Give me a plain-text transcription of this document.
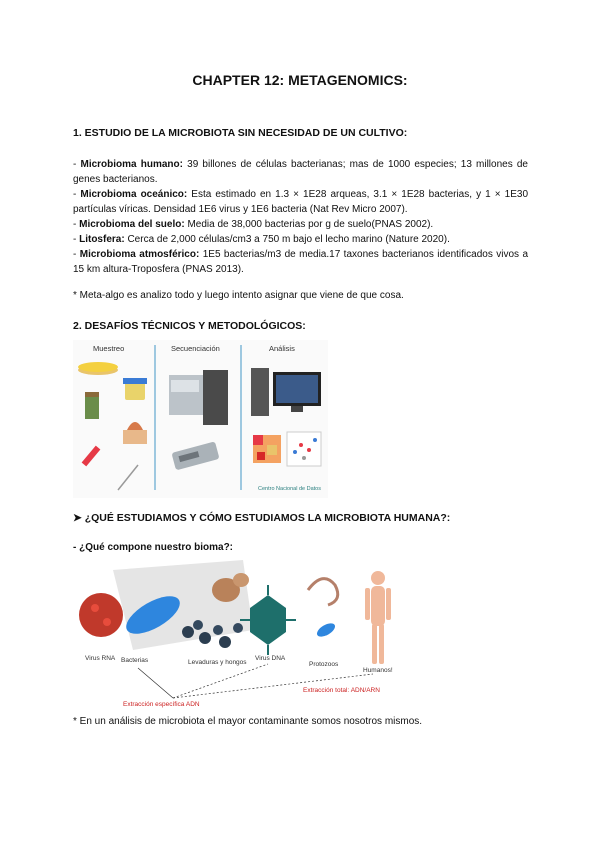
CHAPTER 12: METAGENOMICS:
1. ESTUDIO DE LA MICROBIOTA SIN NECESIDAD DE UN CULTIVO:
- Microbioma humano: 39 billones de células bacterianas; mas de 1000 especies; 13 millones de genes bacterianos.
- Microbioma oceánico: Esta estimado en 1.3 × 1E28 arqueas, 3.1 × 1E28 bacterias, y 1 × 1E30 partículas víricas. Densidad 1E6 virus y 1E6 bacteria (Nat Rev Micro 2007).
- Microbioma del suelo: Media de 38,000 bacterias por g de suelo(PNAS 2002).
- Litosfera: Cerca de 2,000 células/cm3 a 750 m bajo el lecho marino (Nature 2020).
- Microbioma atmosférico: 1E5 bacterias/m3 de media.17 taxones bacterianos identificados vivos a 15 km altura-Troposfera (PNAS 2013).
* Meta-algo es analizo todo y luego intento asignar que viene de que cosa.
2. DESAFÍOS TÉCNICOS Y METODOLÓGICOS:
Muestreo	Secuenciación	Análisis
Centro Nacional de Datos
➤ ¿QUÉ ESTUDIAMOS Y CÓMO ESTUDIAMOS LA MICROBIOTA HUMANA?:
- ¿Qué compone nuestro bioma?:
Virus RNA Bacterias	Levaduras y hongos
Virus DNA
Protozoos
Humanos!
Extracción específica ADN
Extracción total: ADN/ARN
* En un análisis de microbiota el mayor contaminante somos nosotros mismos.
